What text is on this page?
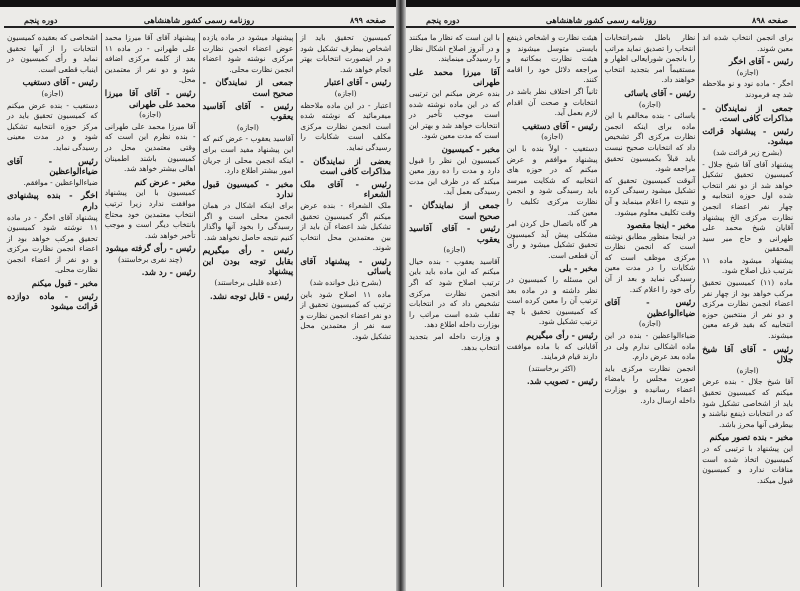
صفحه ۸۹۹
روزنامه رسمی کشور شاهنشاهی
دوره پنجم

کمیسیون تحقیق باید از اشخاص بیطرف تشکیل شود و در اینصورت انتخابات بهتر انجام خواهد شد.

رئیس - آقای اعتبار

(اجازه)

اعتبار - در این ماده ملاحظه میفرمائید که نوشته شده است انجمن نظارت مرکزی مکلف است شکایات را رسیدگی نماید.

بعضی از نمایندگان - مذاکرات کافی است

رئیس - آقای ملک الشعراء

ملک الشعراء - بنده عرض میکنم اگر کمیسیون تحقیق تشکیل شد اعضاء آن باید از بین معتمدین محل انتخاب شوند.

رئیس - پیشنهاد آقای یاسائی

(بشرح ذیل خوانده شد)

ماده ۱۱ اصلاح شود باین ترتیب که کمیسیون تحقیق از دو نفر اعضاء انجمن نظارت و سه نفر از معتمدین محل تشکیل شود.

پیشنهاد میشود در ماده یازده عوض اعضاء انجمن نظارت مرکزی نوشته شود اعضاء انجمن نظارت محلی.

جمعی از نمایندگان - صحیح است

رئیس - آقای آقاسید یعقوب

(اجازه)

آقاسید یعقوب - عرض کنم که این پیشنهاد مفید است برای اینکه انجمن محلی از جریان امور بیشتر اطلاع دارد.

مخبر - کمیسیون قبول ندارد

برای اینکه اشکال در همان انجمن محلی است و اگر رسیدگی را بخود آنها واگذار کنیم نتیجه حاصل نخواهد شد.

رئیس - رأی میگیریم بقابل توجه بودن این پیشنهاد

(عده قلیلی برخاستند)

رئیس - قابل توجه نشد.

پیشنهاد آقای آقا میرزا محمد علی طهرانی - در ماده ۱۱ بعد از کلمه مرکزی اضافه شود و دو نفر از معتمدین محل.

رئیس - آقای آقا میرزا محمد علی طهرانی

(اجازه)

آقا میرزا محمد علی طهرانی - بنده نظرم این است که وقتی معتمدین محل در کمیسیون باشند اطمینان اهالی بیشتر خواهد شد.

مخبر - عرض کنم

کمیسیون با این پیشنهاد موافقت ندارد زیرا ترتیب انتخاب معتمدین خود محتاج بانتخاب دیگر است و موجب تأخیر خواهد شد.

رئیس - رأی گرفته میشود

(چند نفری برخاستند)

رئیس - رد شد.

اشخاصی که بعقیده کمیسیون انتخابات را از آنها تحقیق نماید و رأی کمیسیون در اینباب قطعی است.

رئیس - آقای دستغیب

(اجازه)

دستغیب - بنده عرض میکنم که کمیسیون تحقیق باید در مرکز حوزه انتخابیه تشکیل شود و در مدت معینی رسیدگی نماید.

رئیس - آقای ضیاءالواعظین

ضیاءالواعظین - موافقم.

اخگر - بنده پیشنهادی دارم

پیشنهاد آقای اخگر - در ماده ۱۱ نوشته شود کمیسیون تحقیق مرکب خواهد بود از اعضاء انجمن نظارت مرکزی و دو نفر از اعضاء انجمن نظارت محلی.

مخبر - قبول میکنم

رئیس - ماده دوازده قرائت میشود

صفحه ۸۹۸
روزنامه رسمی کشور شاهنشاهی
دوره پنجم

برای انجمن انتخاب شده اند معین شوند.

رئیس - آقای اخگر

(اجازه)

اخگر - ماده نود و نو ملاحظه شد چه فرمودند

جمعی از نمایندگان - مذاکرات کافی است.

رئیس - پیشنهاد قرائت میشود.

(بشرح زیر قرائت شد)

پیشنهاد آقای آقا شیخ جلال - کمیسیون تحقیق تشکیل خواهد شد از دو نفر انتخاب شده اول حوزه انتخابیه و چهار نفر اعضاء انجمن نظارت مرکزی الخ پیشنهاد آقایان شیخ محمد علی طهرانی و حاج میر سید المحققین

پیشنهاد میشود ماده ۱۱ بترتیب ذیل اصلاح شود.

ماده (۱۱) کمیسیون تحقیق مرکب خواهد بود از چهار نفر اعضاء انجمن نظارت مرکزی و دو نفر از منتخبین حوزه انتخابیه که بقید قرعه معین میشوند.

رئیس - آقای آقا شیخ جلال

(اجازه)

آقا شیخ جلال - بنده عرض میکنم که کمیسیون تحقیق باید از اشخاصی تشکیل شود که در انتخابات ذینفع نباشند و بیطرفی آنها محرز باشد.

مخبر - بنده تصور میکنم

این پیشنهاد با ترتیبی که در کمیسیون اتخاذ شده است منافات ندارد و کمیسیون قبول میکند.

نظار باطل شمرانتخابات انتخاب را تصدیق نماید مراتب را بانجمن شورایعالی اظهار و مستقیماً امر بتجدید انتخاب خواهند داد.

رئیس - آقای یاسائی

(اجازه)

یاسائی - بنده مخالفم با این ماده برای اینکه انجمن نظارت مرکزی اگر تشخیص داد که انتخابات صحیح نیست باید قبلاً بکمیسیون تحقیق مراجعه شود.

آنوقت کمیسیون تحقیق که تشکیل میشود رسیدگی کرده و نتیجه را اعلام مینماید و آن وقت تکلیف معلوم میشود.

مخبر - اینجا مقصود

در اینجا منظور مطابق نوشته است که انجمن نظارت مرکزی موظف است که شکایات را در مدت معین رسیدگی نماید و بعد از آن رأی خود را اعلام کند.

رئیس - آقای ضیاءالواعظین

(اجازه)

ضیاءالواعظین - بنده در این ماده اشکالی ندارم ولی در ماده بعد عرض دارم.

انجمن نظارت مرکزی باید صورت مجلس را بامضاء اعضاء رسانیده و بوزارت داخله ارسال دارد.

هیئت نظارت و اشخاص ذینفع بایستی متوسل میشوند و هیئت نظارت بمکاتبه و مراجعه دلائل خود را اقامه کنند.

ثانیاً اگر اختلاف نظر باشد در انتخابات و صحت آن اقدام لازم بعمل آید.

رئیس - آقای دستغیب

(اجازه)

دستغیب - اولاً بنده با این پیشنهاد موافقم و عرض میکنم که در حوزه های انتخابیه که شکایت میرسد باید رسیدگی شود و انجمن نظارت مرکزی تکلیف را معین کند.

هر گاه باتصال حل کردن امر مشکلی پیش آید کمیسیون تحقیق تشکیل میشود و رأی آن قطعی است.

مخبر - بلی

این مسئله را کمیسیون در نظر داشته و در ماده بعد ترتیب آن را معین کرده است که کمیسیون تحقیق با چه ترتیب تشکیل شود.

رئیس - رأی میگیریم

آقایانی که با ماده موافقت دارند قیام فرمایند.

(اکثر برخاستند)

رئیس - تصویب شد.

با این است که نظار ما میکنند و در آنروز اصلاح اشکال نظار را رسیدگی مینمایند.

آقا میرزا محمد علی طهرانی

بنده عرض میکنم این ترتیبی که در این ماده نوشته شده است موجب تأخیر در انتخابات خواهد شد و بهتر این است که مدت معین شود.

مخبر - کمیسیون

کمیسیون این نظر را قبول دارد و مدت را ده روز معین میکند که در ظرف این مدت رسیدگی بعمل آید.

جمعی از نمایندگان - صحیح است

رئیس - آقای آقاسید یعقوب

(اجازه)

آقاسید یعقوب - بنده خیال میکنم که این ماده باید باین ترتیب اصلاح شود که اگر انجمن نظارت مرکزی تشخیص داد که در انتخابات تقلب شده است مراتب را بوزارت داخله اطلاع دهد.

و وزارت داخله امر بتجدید انتخاب بدهد.
